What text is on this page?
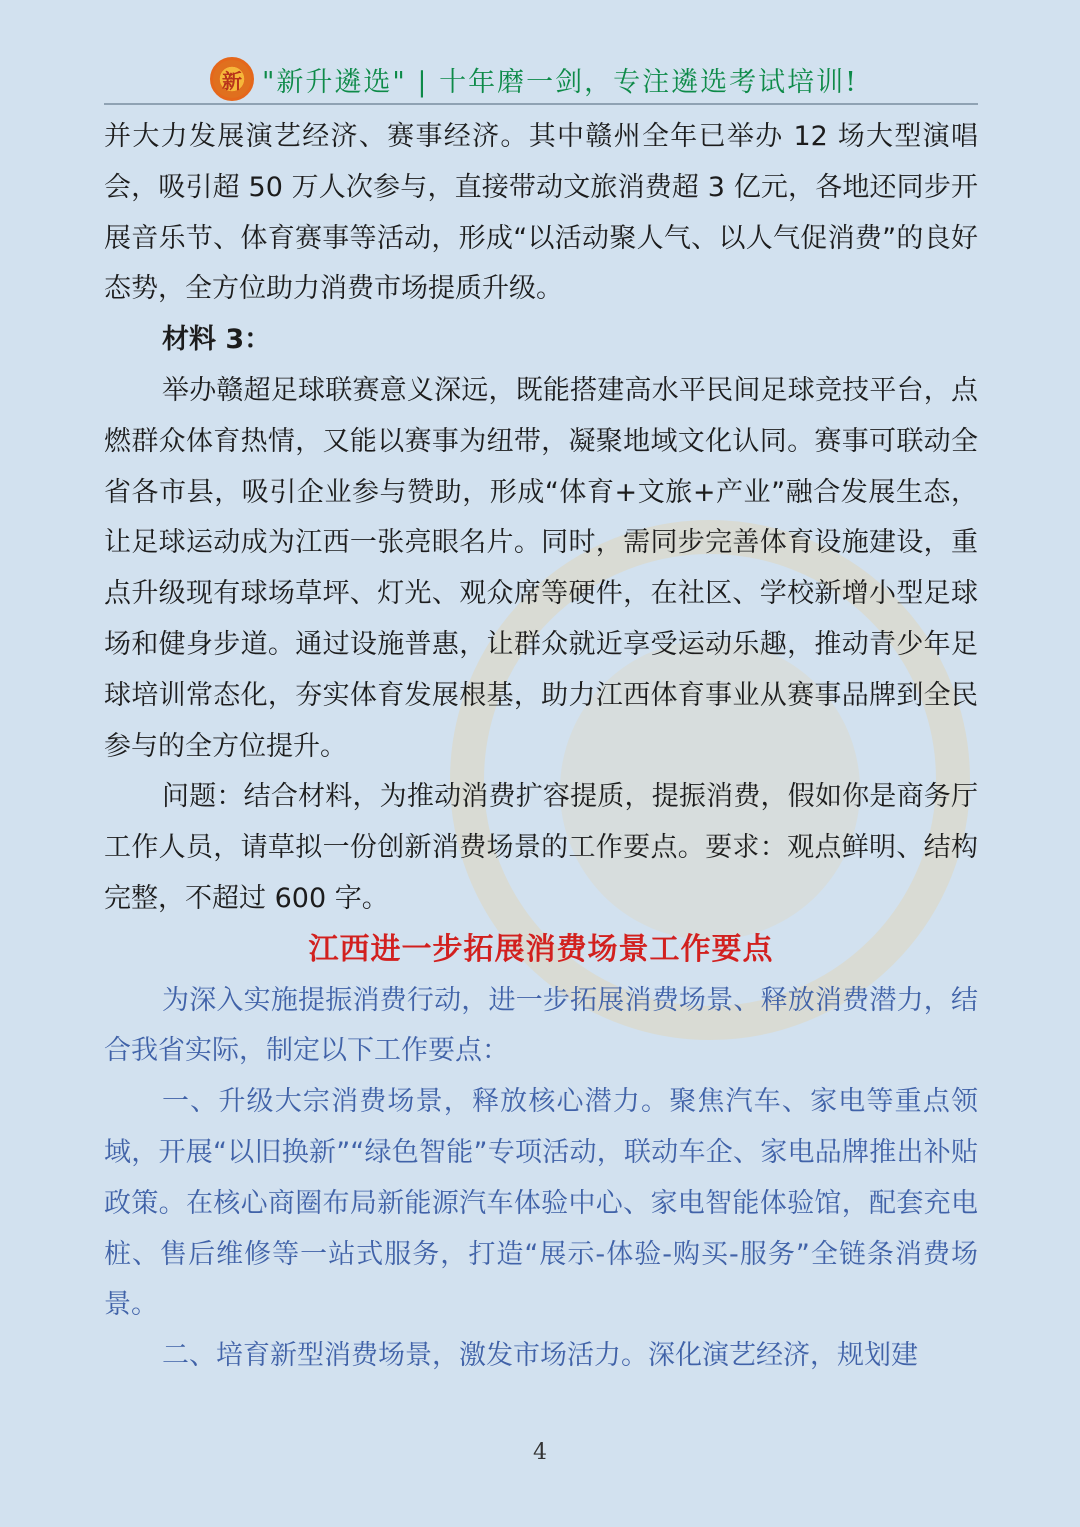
新 "新升遴选" | 十年磨一剑，专注遴选考试培训!

并大力发展演艺经济、赛事经济。其中赣州全年已举办 12 场大型演唱会，吸引超 50 万人次参与，直接带动文旅消费超 3 亿元，各地还同步开展音乐节、体育赛事等活动，形成“以活动聚人气、以人气促消费”的良好态势，全方位助力消费市场提质升级。

材料 3：

举办赣超足球联赛意义深远，既能搭建高水平民间足球竞技平台，点燃群众体育热情，又能以赛事为纽带，凝聚地域文化认同。赛事可联动全省各市县，吸引企业参与赞助，形成“体育+文旅+产业”融合发展生态，让足球运动成为江西一张亮眼名片。同时，需同步完善体育设施建设，重点升级现有球场草坪、灯光、观众席等硬件，在社区、学校新增小型足球场和健身步道。通过设施普惠，让群众就近享受运动乐趣，推动青少年足球培训常态化，夯实体育发展根基，助力江西体育事业从赛事品牌到全民参与的全方位提升。

问题：结合材料，为推动消费扩容提质，提振消费，假如你是商务厅工作人员，请草拟一份创新消费场景的工作要点。要求：观点鲜明、结构完整，不超过 600 字。

江西进一步拓展消费场景工作要点

为深入实施提振消费行动，进一步拓展消费场景、释放消费潜力，结合我省实际，制定以下工作要点：

一、升级大宗消费场景，释放核心潜力。聚焦汽车、家电等重点领域，开展“以旧换新”“绿色智能”专项活动，联动车企、家电品牌推出补贴政策。在核心商圈布局新能源汽车体验中心、家电智能体验馆，配套充电桩、售后维修等一站式服务，打造“展示-体验-购买-服务”全链条消费场景。

二、培育新型消费场景，激发市场活力。深化演艺经济，规划建

4
